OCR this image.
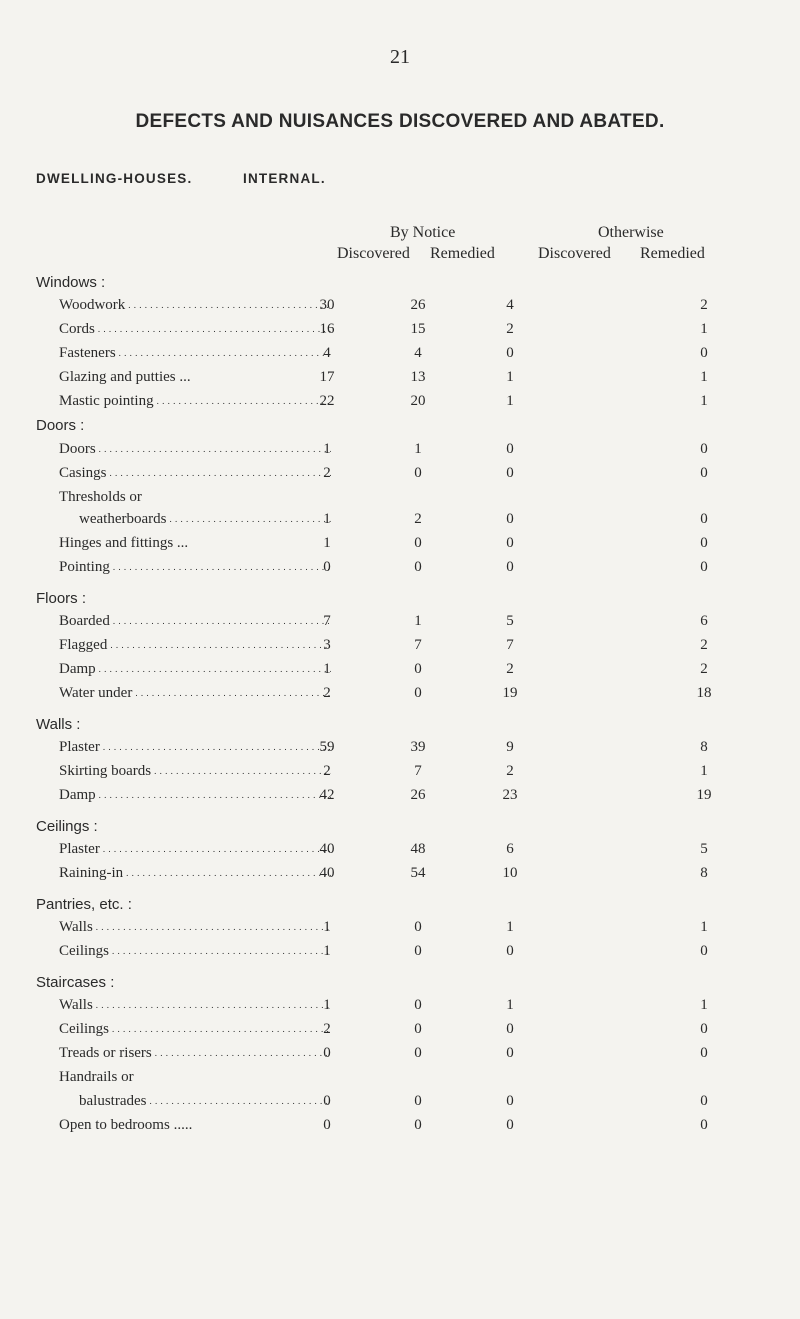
21
DEFECTS AND NUISANCES DISCOVERED AND ABATED.
DWELLING-HOUSES.	INTERNAL.
By Notice	Otherwise
Discovered Remedied	Discovered Remedied
Windows :
Woodwork . . .	30	26	4	2
Cords . . .	16	15	2	1
Fasteners . . .	4	4	0	0
Glazing and putties ...	17	13	1	1
Mastic pointing . . .	22	20	1	1
Doors :
Doors . . .	1	1	0	0
Casings . . .	2	0	0	0
Thresholds or
weatherboards . . .	1	2	0	0
Hinges and fittings ...	1	0	0	0
Pointing . . .	0	0	0	0
Floors :
Boarded . . .	7	1	5	6
Flagged . . .	3	7	7	2
Damp . . .	1	0	2	2
Water under . . .	2	0	19	18
Walls :
Plaster . . .	59	39	9	8
Skirting boards . . .	2	7	2	1
Damp . . .	42	26	23	19
Ceilings :
Plaster . . .	40	48	6	5
Raining-in . . .	40	54	10	8
Pantries, etc. :
Walls . . .	1	0	1	1
Ceilings . . .	1	0	0	0
Staircases :
Walls . . .	1	0	1	1
Ceilings . . .	2	0	0	0
Treads or risers . . .	0	0	0	0
Handrails or
balustrades . . .	0	0	0	0
Open to bedrooms .....	0	0	0	0
